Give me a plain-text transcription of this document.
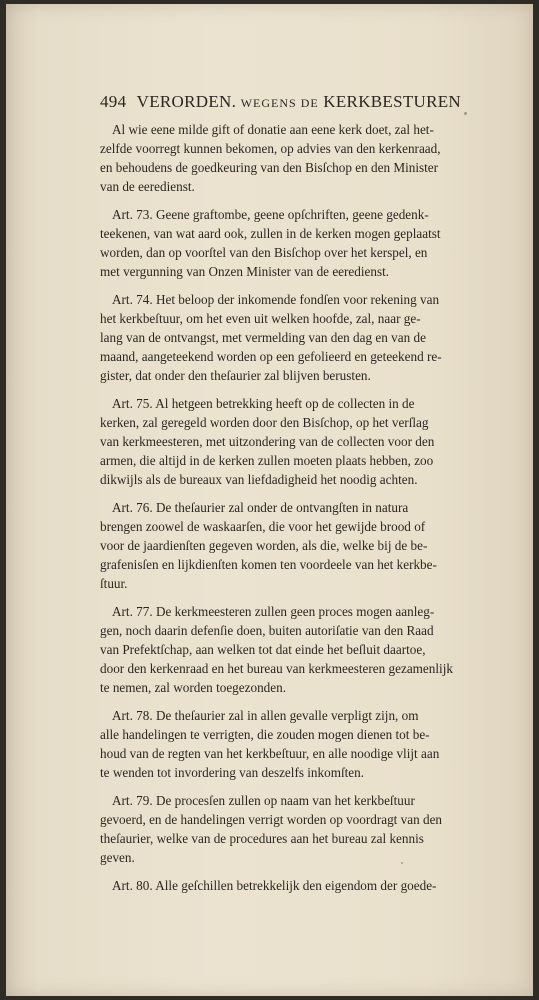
494 VERORDEN. WEGENS DE KERKBESTUREN
Al wie eene milde gift of donatie aan eene kerk doet, zal het-
zelfde voorregt kunnen bekomen, op advies van den kerkenraad,
en behoudens de goedkeuring van den Bisſchop en den Minister
van de eeredienst.
Art. 73. Geene graftombe, geene opſchriften, geene gedenk-
teekenen, van wat aard ook, zullen in de kerken mogen geplaatst
worden, dan op voorſtel van den Bisſchop over het kerspel, en
met vergunning van Onzen Minister van de eeredienst.
Art. 74. Het beloop der inkomende fondſen voor rekening van
het kerkbeſtuur, om het even uit welken hoofde, zal, naar ge-
lang van de ontvangst, met vermelding van den dag en van de
maand, aangeteekend worden op een gefolieerd en geteekend re-
gister, dat onder den theſaurier zal blijven berusten.
Art. 75. Al hetgeen betrekking heeft op de collecten in de
kerken, zal geregeld worden door den Bisſchop, op het verſlag
van kerkmeesteren, met uitzondering van de collecten voor den
armen, die altijd in de kerken zullen moeten plaats hebben, zoo
dikwijls als de bureaux van liefdadigheid het noodig achten.
Art. 76. De theſaurier zal onder de ontvangſten in natura
brengen zoowel de waskaarſen, die voor het gewijde brood of
voor de jaardienſten gegeven worden, als die, welke bij de be-
grafenisſen en lijkdienſten komen ten voordeele van het kerkbe-
ſtuur.
Art. 77. De kerkmeesteren zullen geen proces mogen aanleg-
gen, noch daarin defenſie doen, buiten autoriſatie van den Raad
van Prefektſchap, aan welken tot dat einde het beſluit daartoe,
door den kerkenraad en het bureau van kerkmeesteren gezamenlijk
te nemen, zal worden toegezonden.
Art. 78. De theſaurier zal in allen gevalle verpligt zijn, om
alle handelingen te verrigten, die zouden mogen dienen tot be-
houd van de regten van het kerkbeſtuur, en alle noodige vlijt aan
te wenden tot invordering van deszelfs inkomſten.
Art. 79. De procesſen zullen op naam van het kerkbeſtuur
gevoerd, en de handelingen verrigt worden op voordragt van den
theſaurier, welke van de procedures aan het bureau zal kennis
geven.
Art. 80. Alle geſchillen betrekkelijk den eigendom der goede-
